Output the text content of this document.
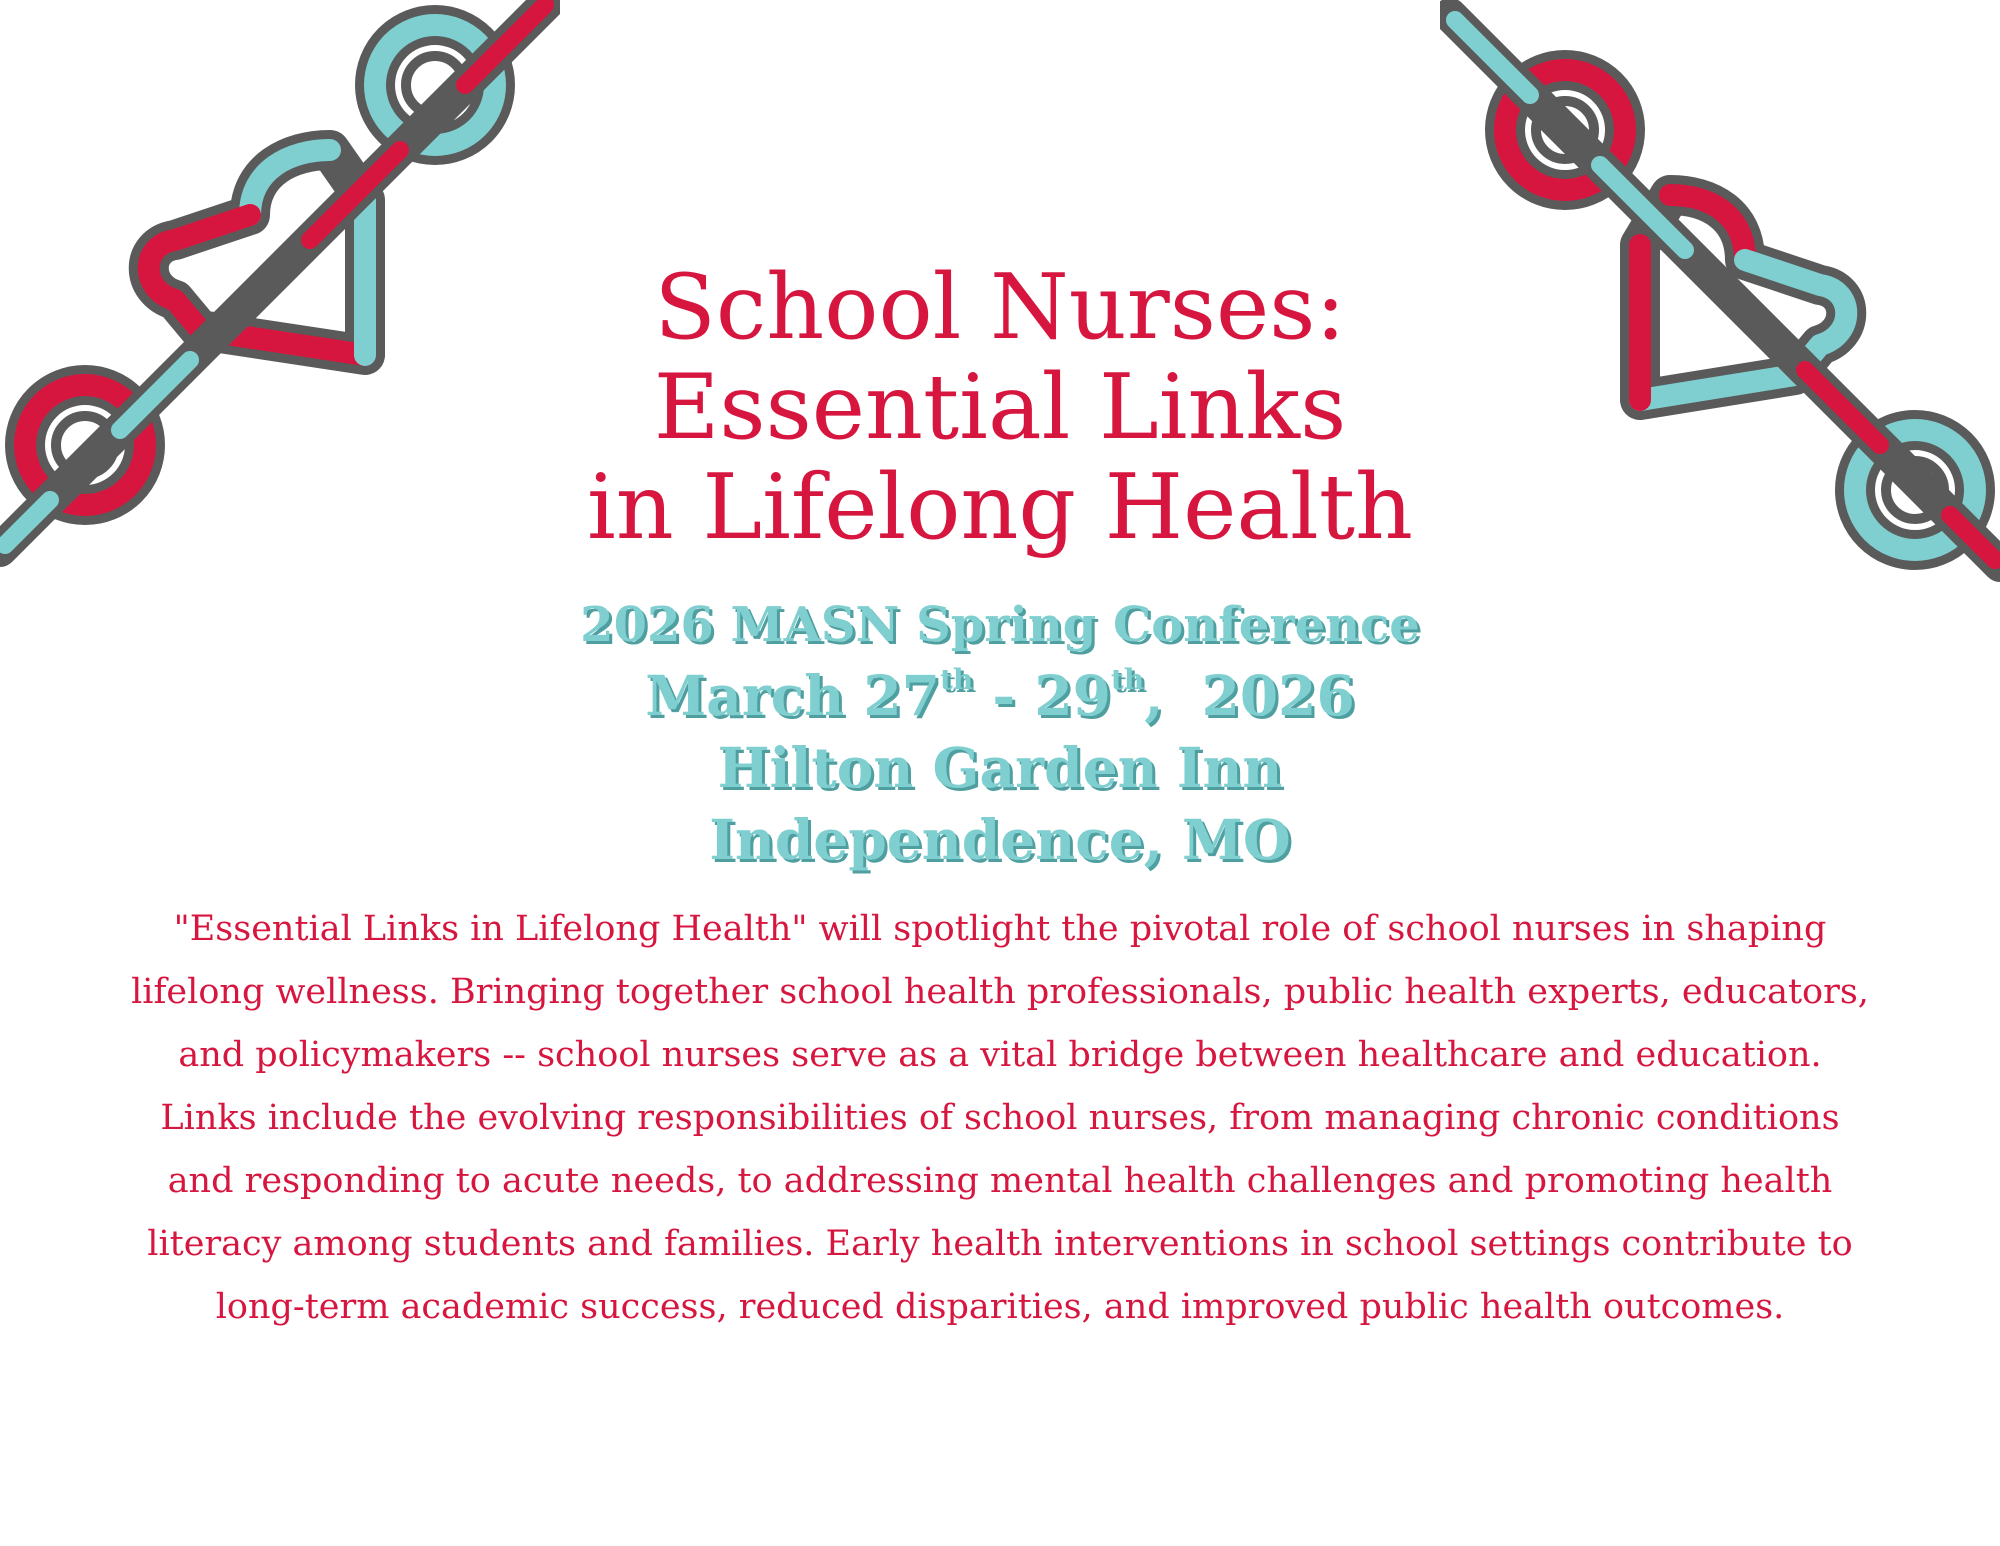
School Nurses:
Essential Links
in Lifelong Health
2026 MASN Spring Conference
March 27th - 29th,  2026
Hilton Garden Inn
Independence, MO

"Essential Links in Lifelong Health" will spotlight the pivotal role of school nurses in shaping lifelong wellness. Bringing together school health professionals, public health experts, educators, and policymakers -- school nurses serve as a vital bridge between healthcare and education.

Links include the evolving responsibilities of school nurses, from managing chronic conditions and responding to acute needs, to addressing mental health challenges and promoting health literacy among students and families. Early health interventions in school settings contribute to long-term academic success, reduced disparities, and improved public health outcomes.
